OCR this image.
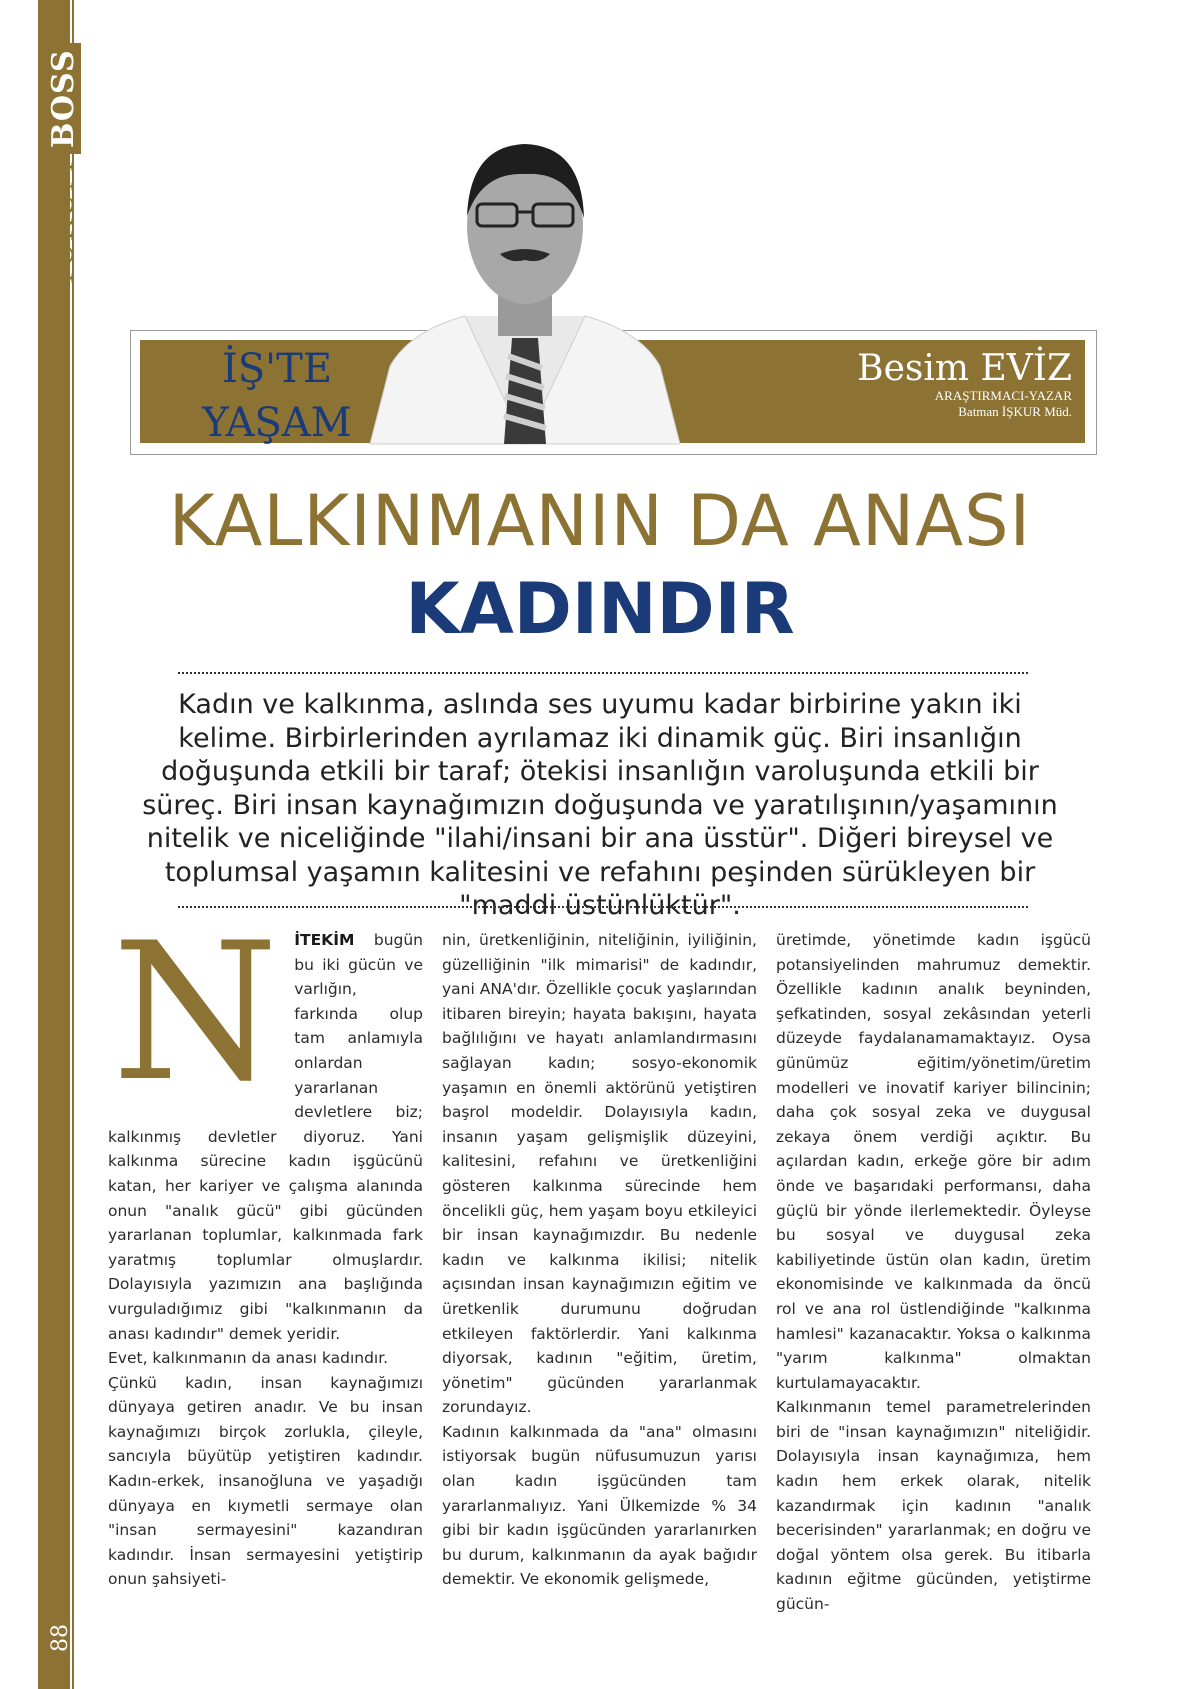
YORUMBOSS
88
İŞ'TE
YAŞAM
Besim EVİZ
ARAŞTIRMACI-YAZAR
Batman İŞKUR Müd.
KALKINMANIN DA ANASI
KADINDIR
Kadın ve kalkınma, aslında ses uyumu kadar birbirine yakın iki kelime. Birbirlerinden ayrılamaz iki dinamik güç. Biri insanlığın doğuşunda etkili bir taraf; ötekisi insanlığın varoluşunda etkili bir süreç. Biri insan kaynağımızın doğuşunda ve yaratılışının/yaşamının nitelik ve niceliğinde "ilahi/insani bir ana üsstür". Diğeri bireysel ve toplumsal yaşamın kalitesini ve refahını peşinden sürükleyen bir "maddi üstünlüktür".

N İTEKİM bugün bu iki gücün ve varlığın, farkında olup tam anlamıyla onlardan yararlanan devletlere biz; kalkınmış devletler diyoruz. Yani kalkınma sürecine kadın işgücünü katan, her kariyer ve çalışma alanında onun "analık gücü" gibi gücünden yararlanan toplumlar, kalkınmada fark yaratmış toplumlar olmuşlardır. Dolayısıyla yazımızın ana başlığında vurguladığımız gibi "kalkınmanın da anası kadındır" demek yeridir.

Evet, kalkınmanın da anası kadındır.

Çünkü kadın, insan kaynağımızı dünyaya getiren anadır. Ve bu insan kaynağımızı birçok zorlukla, çileyle, sancıyla büyütüp yetiştiren kadındır. Kadın-erkek, insanoğluna ve yaşadığı dünyaya en kıymetli sermaye olan "insan sermayesini" kazandıran kadındır. İnsan sermayesini yetiştirip onun şahsiyeti-

nin, üretkenliğinin, niteliğinin, iyiliğinin, güzelliğinin "ilk mimarisi" de kadındır, yani ANA'dır. Özellikle çocuk yaşlarından itibaren bireyin; hayata bakışını, hayata bağlılığını ve hayatı anlamlandırmasını sağlayan kadın; sosyo-ekonomik yaşamın en önemli aktörünü yetiştiren başrol modeldir. Dolayısıyla kadın, insanın yaşam gelişmişlik düzeyini, kalitesini, refahını ve üretkenliğini gösteren kalkınma sürecinde hem öncelikli güç, hem yaşam boyu etkileyici bir insan kaynağımızdır. Bu nedenle kadın ve kalkınma ikilisi; nitelik açısından insan kaynağımızın eğitim ve üretkenlik durumunu doğrudan etkileyen faktörlerdir. Yani kalkınma diyorsak, kadının "eğitim, üretim, yönetim" gücünden yararlanmak zorundayız.

Kadının kalkınmada da "ana" olmasını istiyorsak bugün nüfusumuzun yarısı olan kadın işgücünden tam yararlanmalıyız. Yani Ülkemizde % 34 gibi bir kadın işgücünden yararlanırken bu durum, kalkınmanın da ayak bağıdır demektir. Ve ekonomik gelişmede,

üretimde, yönetimde kadın işgücü potansiyelinden mahrumuz demektir. Özellikle kadının analık beyninden, şefkatinden, sosyal zekâsından yeterli düzeyde faydalanamamaktayız. Oysa günümüz eğitim/yönetim/üretim modelleri ve inovatif kariyer bilincinin; daha çok sosyal zeka ve duygusal zekaya önem verdiği açıktır. Bu açılardan kadın, erkeğe göre bir adım önde ve başarıdaki performansı, daha güçlü bir yönde ilerlemektedir. Öyleyse bu sosyal ve duygusal zeka kabiliyetinde üstün olan kadın, üretim ekonomisinde ve kalkınmada da öncü rol ve ana rol üstlendiğinde "kalkınma hamlesi" kazanacaktır. Yoksa o kalkınma "yarım kalkınma" olmaktan kurtulamayacaktır.

Kalkınmanın temel parametrelerinden biri de "insan kaynağımızın" niteliğidir. Dolayısıyla insan kaynağımıza, hem kadın hem erkek olarak, nitelik kazandırmak için kadının "analık becerisinden" yararlanmak; en doğru ve doğal yöntem olsa gerek. Bu itibarla kadının eğitme gücünden, yetiştirme gücün-
